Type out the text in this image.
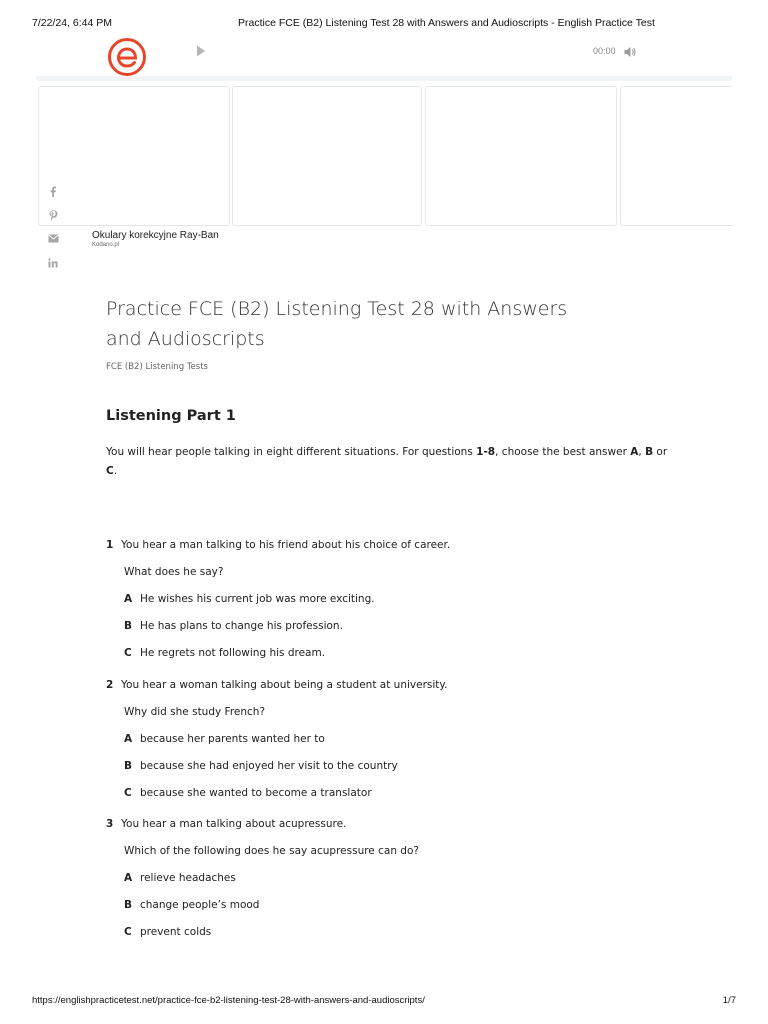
7/22/24, 6:44 PM	Practice FCE (B2) Listening Test 28 with Answers and Audioscripts - English Practice Test
00:00
Okulary korekcyjne Ray-Ban
Kodano.pl
Practice FCE (B2) Listening Test 28 with Answers and Audioscripts
FCE (B2) Listening Tests
Listening Part 1

You will hear people talking in eight different situations. For questions 1-8, choose the best answer A, B or C.

1 You hear a man talking to his friend about his choice of career.
What does he say?
A He wishes his current job was more exciting.
B He has plans to change his profession.
C He regrets not following his dream.
2 You hear a woman talking about being a student at university.
Why did she study French?
A because her parents wanted her to
B because she had enjoyed her visit to the country
C because she wanted to become a translator
3 You hear a man talking about acupressure.
Which of the following does he say acupressure can do?
A relieve headaches
B change people’s mood
C prevent colds
https://englishpracticetest.net/practice-fce-b2-listening-test-28-with-answers-and-audioscripts/	1/7
